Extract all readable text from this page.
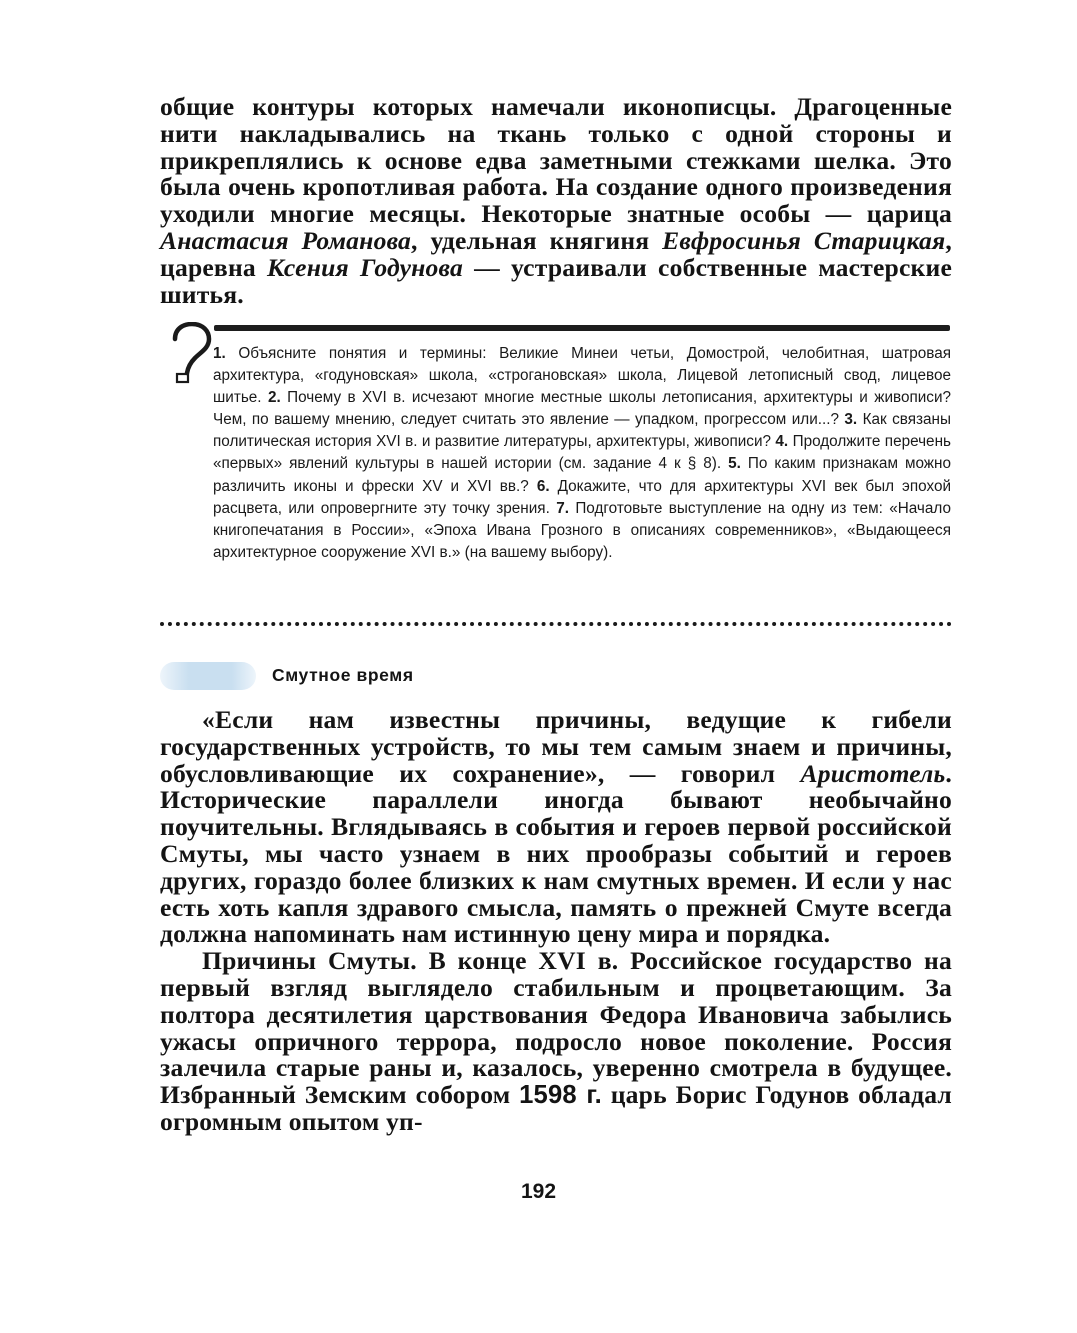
общие контуры которых намечали иконописцы. Драгоценные нити накладывались на ткань только с одной стороны и прикреплялись к основе едва заметными стежками шелка. Это была очень кропотливая работа. На создание одного произведения уходили многие месяцы. Некоторые знатные особы — царица Анастасия Романова, удельная княгиня Евфросинья Старицкая, царевна Ксения Годунова — устраивали собственные мастерские шитья.

1. Объясните понятия и термины: Великие Минеи четьи, Домострой, челобитная, шатровая архитектура, «годуновская» школа, «строгановская» школа, Лицевой летописный свод, лицевое шитье. 2. Почему в XVI в. исчезают многие местные школы летописания, архитектуры и живописи? Чем, по вашему мнению, следует считать это явление — упадком, прогрессом или...? 3. Как связаны политическая история XVI в. и развитие литературы, архитектуры, живописи? 4. Продолжите перечень «первых» явлений культуры в нашей истории (см. задание 4 к § 8). 5. По каким признакам можно различить иконы и фрески XV и XVI вв.? 6. Докажите, что для архитектуры XVI век был эпохой расцвета, или опровергните эту точку зрения. 7. Подготовьте выступление на одну из тем: «Начало книгопечатания в России», «Эпоха Ивана Грозного в описаниях современников», «Выдающееся архитектурное сооружение XVI в.» (на вашему выбору).
Смутное время

«Если нам известны причины, ведущие к гибели государственных устройств, то мы тем самым знаем и причины, обусловливающие их сохранение», — говорил Аристотель. Исторические параллели иногда бывают необычайно поучительны. Вглядываясь в события и героев первой российской Смуты, мы часто узнаем в них прообразы событий и героев других, гораздо более близких к нам смутных времен. И если у нас есть хоть капля здравого смысла, память о прежней Смуте всегда должна напоминать нам истинную цену мира и порядка.

Причины Смуты. В конце XVI в. Российское государство на первый взгляд выглядело стабильным и процветающим. За полтора десятилетия царствования Федора Ивановича забылись ужасы опричного террора, подросло новое поколение. Россия залечила старые раны и, казалось, уверенно смотрела в будущее. Избранный Земским собором 1598 г. царь Борис Годунов обладал огромным опытом уп-

192
